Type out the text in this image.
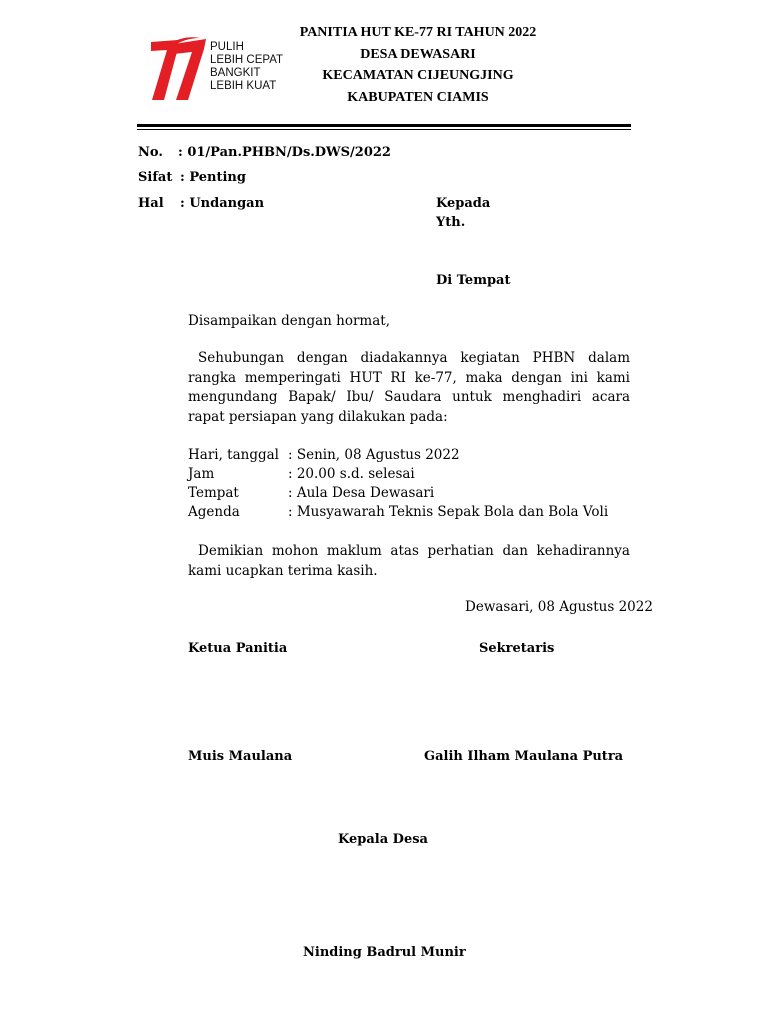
PULIH
LEBIH CEPAT
BANGKIT
LEBIH KUAT
PANITIA HUT KE-77 RI TAHUN 2022
DESA DEWASARI
KECAMATAN CIJEUNGJING
KABUPATEN CIAMIS
No. : 01/Pan.PHBN/Ds.DWS/2022
Sifat : Penting
Hal : Undangan	Kepada
Yth.
Di Tempat
Disampaikan dengan hormat,
Sehubungan dengan diadakannya kegiatan PHBN dalam rangka memperingati HUT RI ke-77, maka dengan ini kami mengundang Bapak/ Ibu/ Saudara untuk menghadiri acara rapat persiapan yang dilakukan pada:
Hari, tanggal : Senin, 08 Agustus 2022
Jam	: 20.00 s.d. selesai
Tempat	: Aula Desa Dewasari
Agenda	: Musyawarah Teknis Sepak Bola dan Bola Voli
Demikian mohon maklum atas perhatian dan kehadirannya kami ucapkan terima kasih.
Dewasari, 08 Agustus 2022
Ketua Panitia	Sekretaris
Muis Maulana	Galih Ilham Maulana Putra
Kepala Desa
Ninding Badrul Munir
